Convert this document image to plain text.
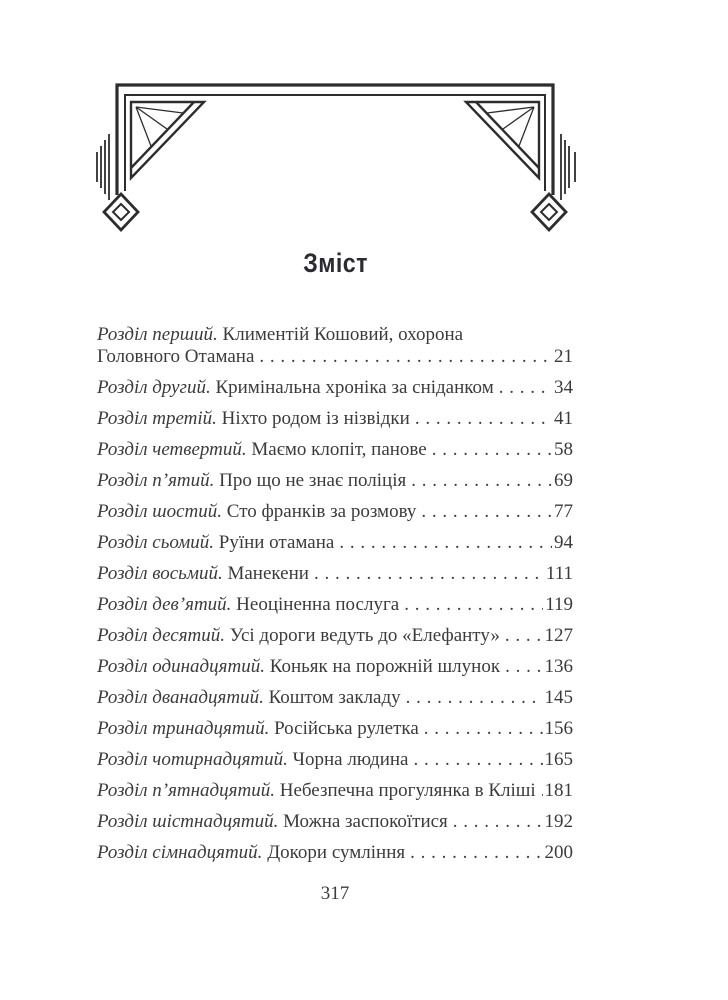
Зміст
Розділ перший. Климентій Кошовий, охорона
Головного Отамана . . .	21
Розділ другий. Кримінальна хроніка за сніданком . . .	34
Розділ третій. Ніхто родом із нізвідки . . .	41
Розділ четвертий. Маємо клопіт, панове . . .	58
Розділ п’ятий. Про що не знає поліція . . .	69
Розділ шостий. Сто франків за розмову . . .	77
Розділ сьомий. Руїни отамана . . .	94
Розділ восьмий. Манекени . . .	111
Розділ дев’ятий. Неоціненна послуга . . .	119
Розділ десятий. Усі дороги ведуть до «Елефанту» . . . 127
Розділ одинадцятий. Коньяк на порожній шлунок . . . 136
Розділ дванадцятий. Коштом закладу . . .	145
Розділ тринадцятий. Російська рулетка . . .	156
Розділ чотирнадцятий. Чорна людина . . .	165
Розділ п’ятнадцятий. Небезпечна прогулянка в Кліші . . . 181
Розділ шістнадцятий. Можна заспокоїтися . . .	192
Розділ сімнадцятий. Докори сумління . . .	200
317
